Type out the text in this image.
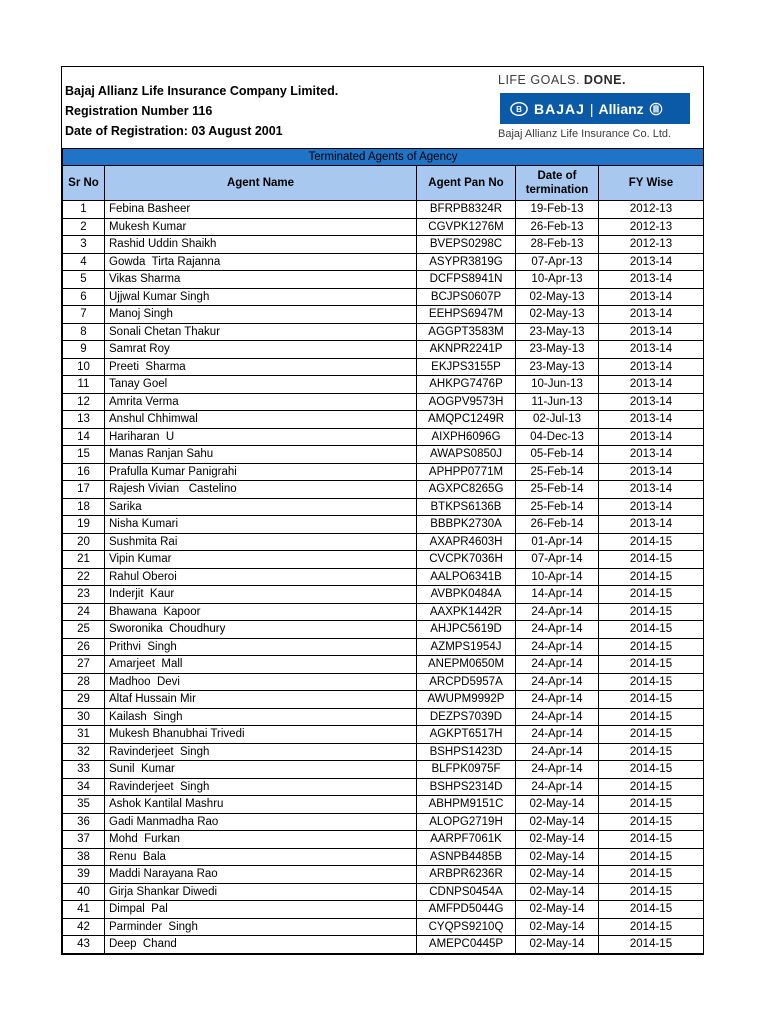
Bajaj Allianz Life Insurance Company Limited.
Registration Number 116
Date of Registration: 03 August 2001
LIFE GOALS. DONE.
B BAJAJ | Allianz
Bajaj Allianz Life Insurance Co. Ltd.
Terminated Agents of Agency				
Sr No	Agent Name	Agent Pan No	Date of termination	FY Wise
1	Febina Basheer	BFRPB8324R	19-Feb-13	2012-13
2	Mukesh Kumar	CGVPK1276M	26-Feb-13	2012-13
3	Rashid Uddin Shaikh	BVEPS0298C	28-Feb-13	2012-13
4	Gowda  Tirta Rajanna	ASYPR3819G	07-Apr-13	2013-14
5	Vikas Sharma	DCFPS8941N	10-Apr-13	2013-14
6	Ujjwal Kumar Singh	BCJPS0607P	02-May-13	2013-14
7	Manoj Singh	EEHPS6947M	02-May-13	2013-14
8	Sonali Chetan Thakur	AGGPT3583M	23-May-13	2013-14
9	Samrat Roy	AKNPR2241P	23-May-13	2013-14
10	Preeti  Sharma	EKJPS3155P	23-May-13	2013-14
11	Tanay Goel	AHKPG7476P	10-Jun-13	2013-14
12	Amrita Verma	AOGPV9573H	11-Jun-13	2013-14
13	Anshul Chhimwal	AMQPC1249R	02-Jul-13	2013-14
14	Hariharan  U	AIXPH6096G	04-Dec-13	2013-14
15	Manas Ranjan Sahu	AWAPS0850J	05-Feb-14	2013-14
16	Prafulla Kumar Panigrahi	APHPP0771M	25-Feb-14	2013-14
17	Rajesh Vivian   Castelino	AGXPC8265G	25-Feb-14	2013-14
18	Sarika	BTKPS6136B	25-Feb-14	2013-14
19	Nisha Kumari	BBBPK2730A	26-Feb-14	2013-14
20	Sushmita Rai	AXAPR4603H	01-Apr-14	2014-15
21	Vipin Kumar	CVCPK7036H	07-Apr-14	2014-15
22	Rahul Oberoi	AALPO6341B	10-Apr-14	2014-15
23	Inderjit  Kaur	AVBPK0484A	14-Apr-14	2014-15
24	Bhawana  Kapoor	AAXPK1442R	24-Apr-14	2014-15
25	Sworonika  Choudhury	AHJPC5619D	24-Apr-14	2014-15
26	Prithvi  Singh	AZMPS1954J	24-Apr-14	2014-15
27	Amarjeet  Mall	ANEPM0650M	24-Apr-14	2014-15
28	Madhoo  Devi	ARCPD5957A	24-Apr-14	2014-15
29	Altaf Hussain Mir	AWUPM9992P	24-Apr-14	2014-15
30	Kailash  Singh	DEZPS7039D	24-Apr-14	2014-15
31	Mukesh Bhanubhai Trivedi	AGKPT6517H	24-Apr-14	2014-15
32	Ravinderjeet  Singh	BSHPS1423D	24-Apr-14	2014-15
33	Sunil  Kumar	BLFPK0975F	24-Apr-14	2014-15
34	Ravinderjeet  Singh	BSHPS2314D	24-Apr-14	2014-15
35	Ashok Kantilal Mashru	ABHPM9151C	02-May-14	2014-15
36	Gadi Manmadha Rao	ALOPG2719H	02-May-14	2014-15
37	Mohd  Furkan	AARPF7061K	02-May-14	2014-15
38	Renu  Bala	ASNPB4485B	02-May-14	2014-15
39	Maddi Narayana Rao	ARBPR6236R	02-May-14	2014-15
40	Girja Shankar Diwedi	CDNPS0454A	02-May-14	2014-15
41	Dimpal  Pal	AMFPD5044G	02-May-14	2014-15
42	Parminder  Singh	CYQPS9210Q	02-May-14	2014-15
43	Deep  Chand	AMEPC0445P	02-May-14	2014-15
